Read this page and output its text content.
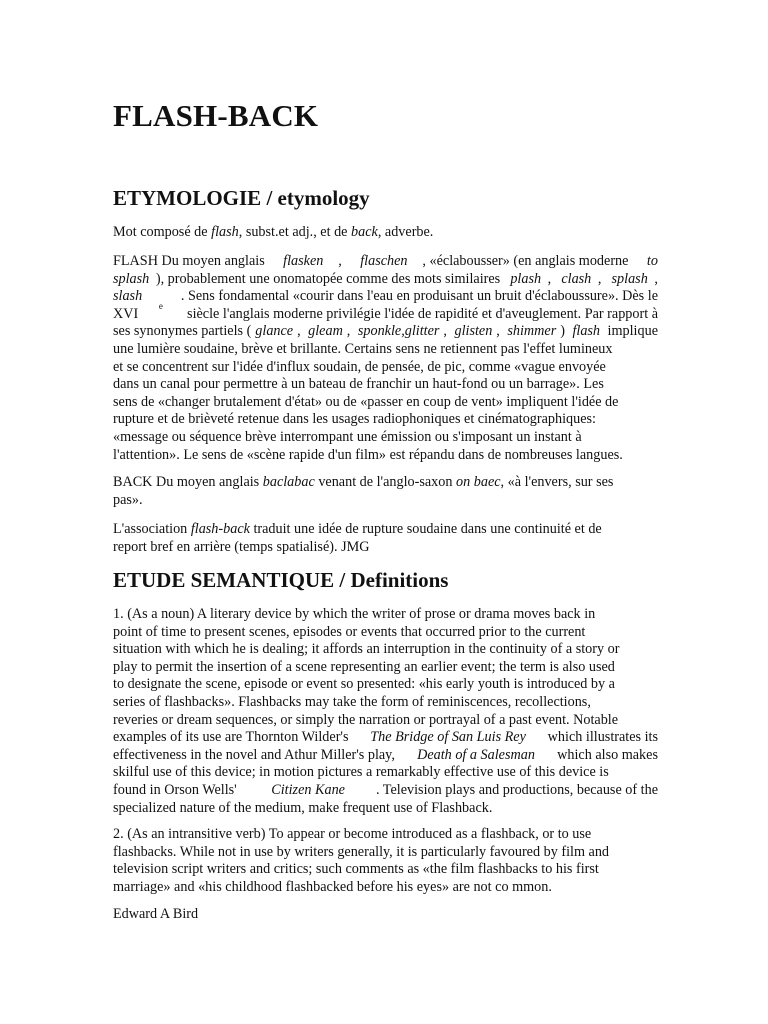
FLASH-BACK
ETYMOLOGIE / etymology
Mot composé de flash, subst.et adj., et de back, adverbe.
FLASH Du moyen anglais flasken , flaschen , «éclabousser» (en anglais moderne to
splash ), probablement une onomatopée comme des mots similaires plash , clash , splash ,
slash	. Sens fondamental «courir dans l'eau en produisant un bruit d'éclaboussure». Dès le
XVI e siècle l'anglais moderne privilégie l'idée de rapidité et d'aveuglement. Par rapport à
ses synonymes partiels ( glance , gleam , sponkle,glitter , glisten , shimmer ) flash implique
une lumière soudaine, brève et brillante. Certains sens ne retiennent pas l'effet lumineux
et se concentrent sur l'idée d'influx soudain, de pensée, de pic, comme «vague envoyée
dans un canal pour permettre à un bateau de franchir un haut-fond ou un barrage». Les
sens de «changer brutalement d'état» ou de «passer en coup de vent» impliquent l'idée de
rupture et de brièveté retenue dans les usages radiophoniques et cinématographiques:
«message ou séquence brève interrompant une émission ou s'imposant un instant à
l'attention». Le sens de «scène rapide d'un film» est répandu dans de nombreuses langues.
BACK Du moyen anglais baclabac venant de l'anglo-saxon on baec, «à l'envers, sur ses
pas».
L'association flash-back traduit une idée de rupture soudaine dans une continuité et de
report bref en arrière (temps spatialisé). JMG
ETUDE SEMANTIQUE / Definitions
1. (As a noun) A literary device by which the writer of prose or drama moves back in
point of time to present scenes, episodes or events that occurred prior to the current
situation with which he is dealing; it affords an interruption in the continuity of a story or
play to permit the insertion of a scene representing an earlier event; the term is also used
to designate the scene, episode or event so presented: «his early youth is introduced by a
series of flashbacks». Flashbacks may take the form of reminiscences, recollections,
reveries or dream sequences, or simply the narration or portrayal of a past event. Notable
examples of its use are Thornton Wilder's The Bridge of San Luis Rey which illustrates its
effectiveness in the novel and Athur Miller's play, Death of a Salesman which also makes
skilful use of this device; in motion pictures a remarkably effective use of this device is
found in Orson Wells' Citizen Kane . Television plays and productions, because of the
specialized nature of the medium, make frequent use of Flashback.
2. (As an intransitive verb) To appear or become introduced as a flashback, or to use
flashbacks. While not in use by writers generally, it is particularly favoured by film and
television script writers and critics; such comments as «the film flashbacks to his first
marriage» and «his childhood flashbacked before his eyes» are not co mmon.
Edward A Bird
